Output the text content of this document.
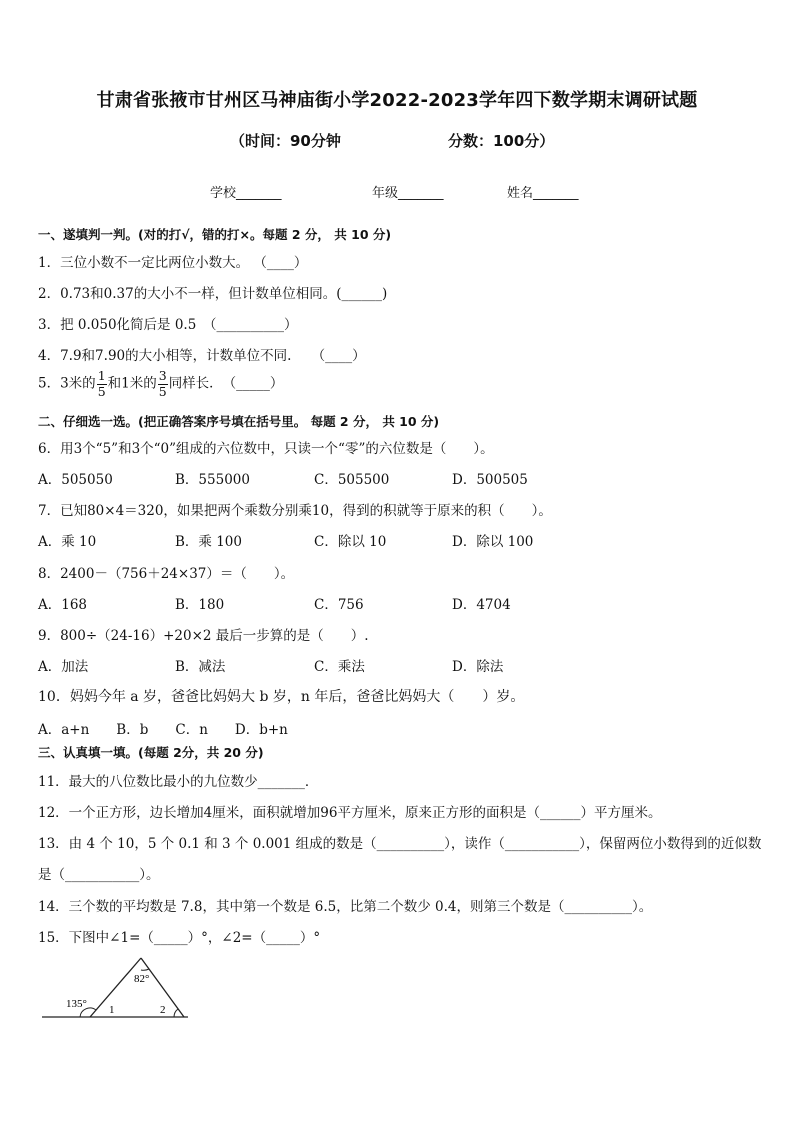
甘肃省张掖市甘州区马神庙街小学2022-2023学年四下数学期末调研试题
（时间：90分钟	分数：100分）
学校_______	年级_______	姓名_______
一、遂填判一判。(对的打√，错的打×。每题 2 分， 共 10 分)
1．三位小数不一定比两位小数大。 （____）
2．0.73和0.37的大小不一样，但计数单位相同。(______)
3．把 0.050化简后是 0.5　（__________）
4．7.9和7.90的大小相等，计数单位不同.　　（____）
5．3米的 $\frac{1}{5}$ 和1米的 $\frac{3}{5}$ 同样长．　（_____）
二、仔细选一选。(把正确答案序号填在括号里。 每题 2 分， 共 10 分)
6．用3个“5”和3个“0”组成的六位数中，只读一个“零”的六位数是（　　）。
A．505050	B．555000	C．505500	D．500505
7．已知80×4＝320，如果把两个乘数分别乘10，得到的积就等于原来的积（　　）。
A．乘 10	B．乘 100	C．除以 10	D．除以 100
8．2400－（756＋24×37）＝（　　）。
A．168	B．180	C．756	D．4704
9．800÷（24-16）+20×2 最后一步算的是（　　）.
A．加法	B．减法	C．乘法	D．除法
10．妈妈今年 a 岁，爸爸比妈妈大 b 岁，n 年后，爸爸比妈妈大（　　）岁。
A．a+n　　B．b　　C．n　　D．b+n
三、认真填一填。(每题 2分，共 20 分)
11．最大的八位数比最小的九位数少_______．
12．一个正方形，边长增加4厘米，面积就增加96平方厘米，原来正方形的面积是（______）平方厘米。
13．由 4 个 10，5 个 0.1 和 3 个 0.001 组成的数是（__________），读作（___________），保留两位小数得到的近似数
是（___________）。
14．三个数的平均数是 7.8，其中第一个数是 6.5，比第二个数少 0.4，则第三个数是（__________）。
15．下图中∠1=（_____）°，∠2=（_____）°
82°
135° 1	2
